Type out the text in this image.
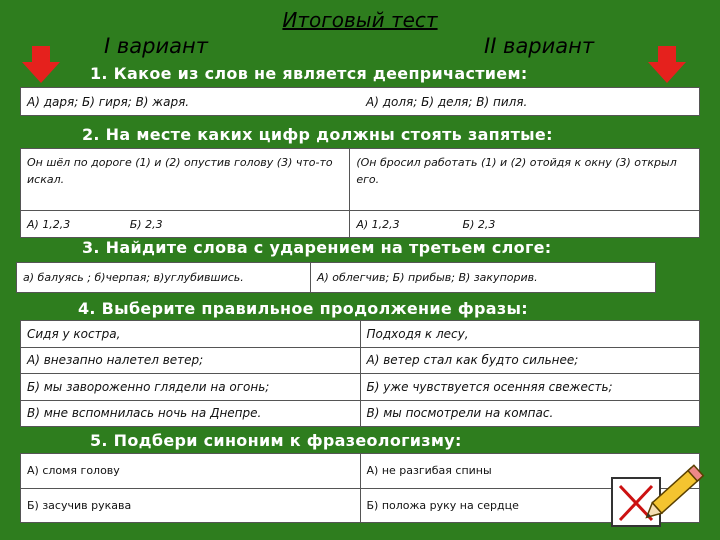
Итоговый тест
I вариант	II вариант
1. Какое из слов не является деепричастием:
А) даря; Б) гиря; В) жаря.	А) доля; Б) деля; В) пиля.
2. На месте каких цифр должны стоять запятые:
Он шёл по дороге (1) и (2) опустив голову (3) что-то искал.	(Он бросил работать (1) и (2) отойдя к окну (3) открыл его.
А) 1,2,3                 Б) 2,3	А) 1,2,3                  Б) 2,3
3. Найдите слова с ударением на третьем слоге:
а) балуясь ; б)черпая; в)углубившись.	А) облегчив; Б) прибыв; В) закупорив.
4. Выберите правильное продолжение фразы:
Сидя у костра,	Подходя к лесу,
А) внезапно налетел ветер;	А) ветер стал как будто сильнее;
Б) мы завороженно глядели на огонь;	Б) уже чувствуется осенняя свежесть;
В) мне вспомнилась ночь на Днепре.	В) мы посмотрели на компас.
5. Подбери синоним к фразеологизму:
А) сломя голову	А) не разгибая спины
Б) засучив рукава	Б) положа руку на сердце
